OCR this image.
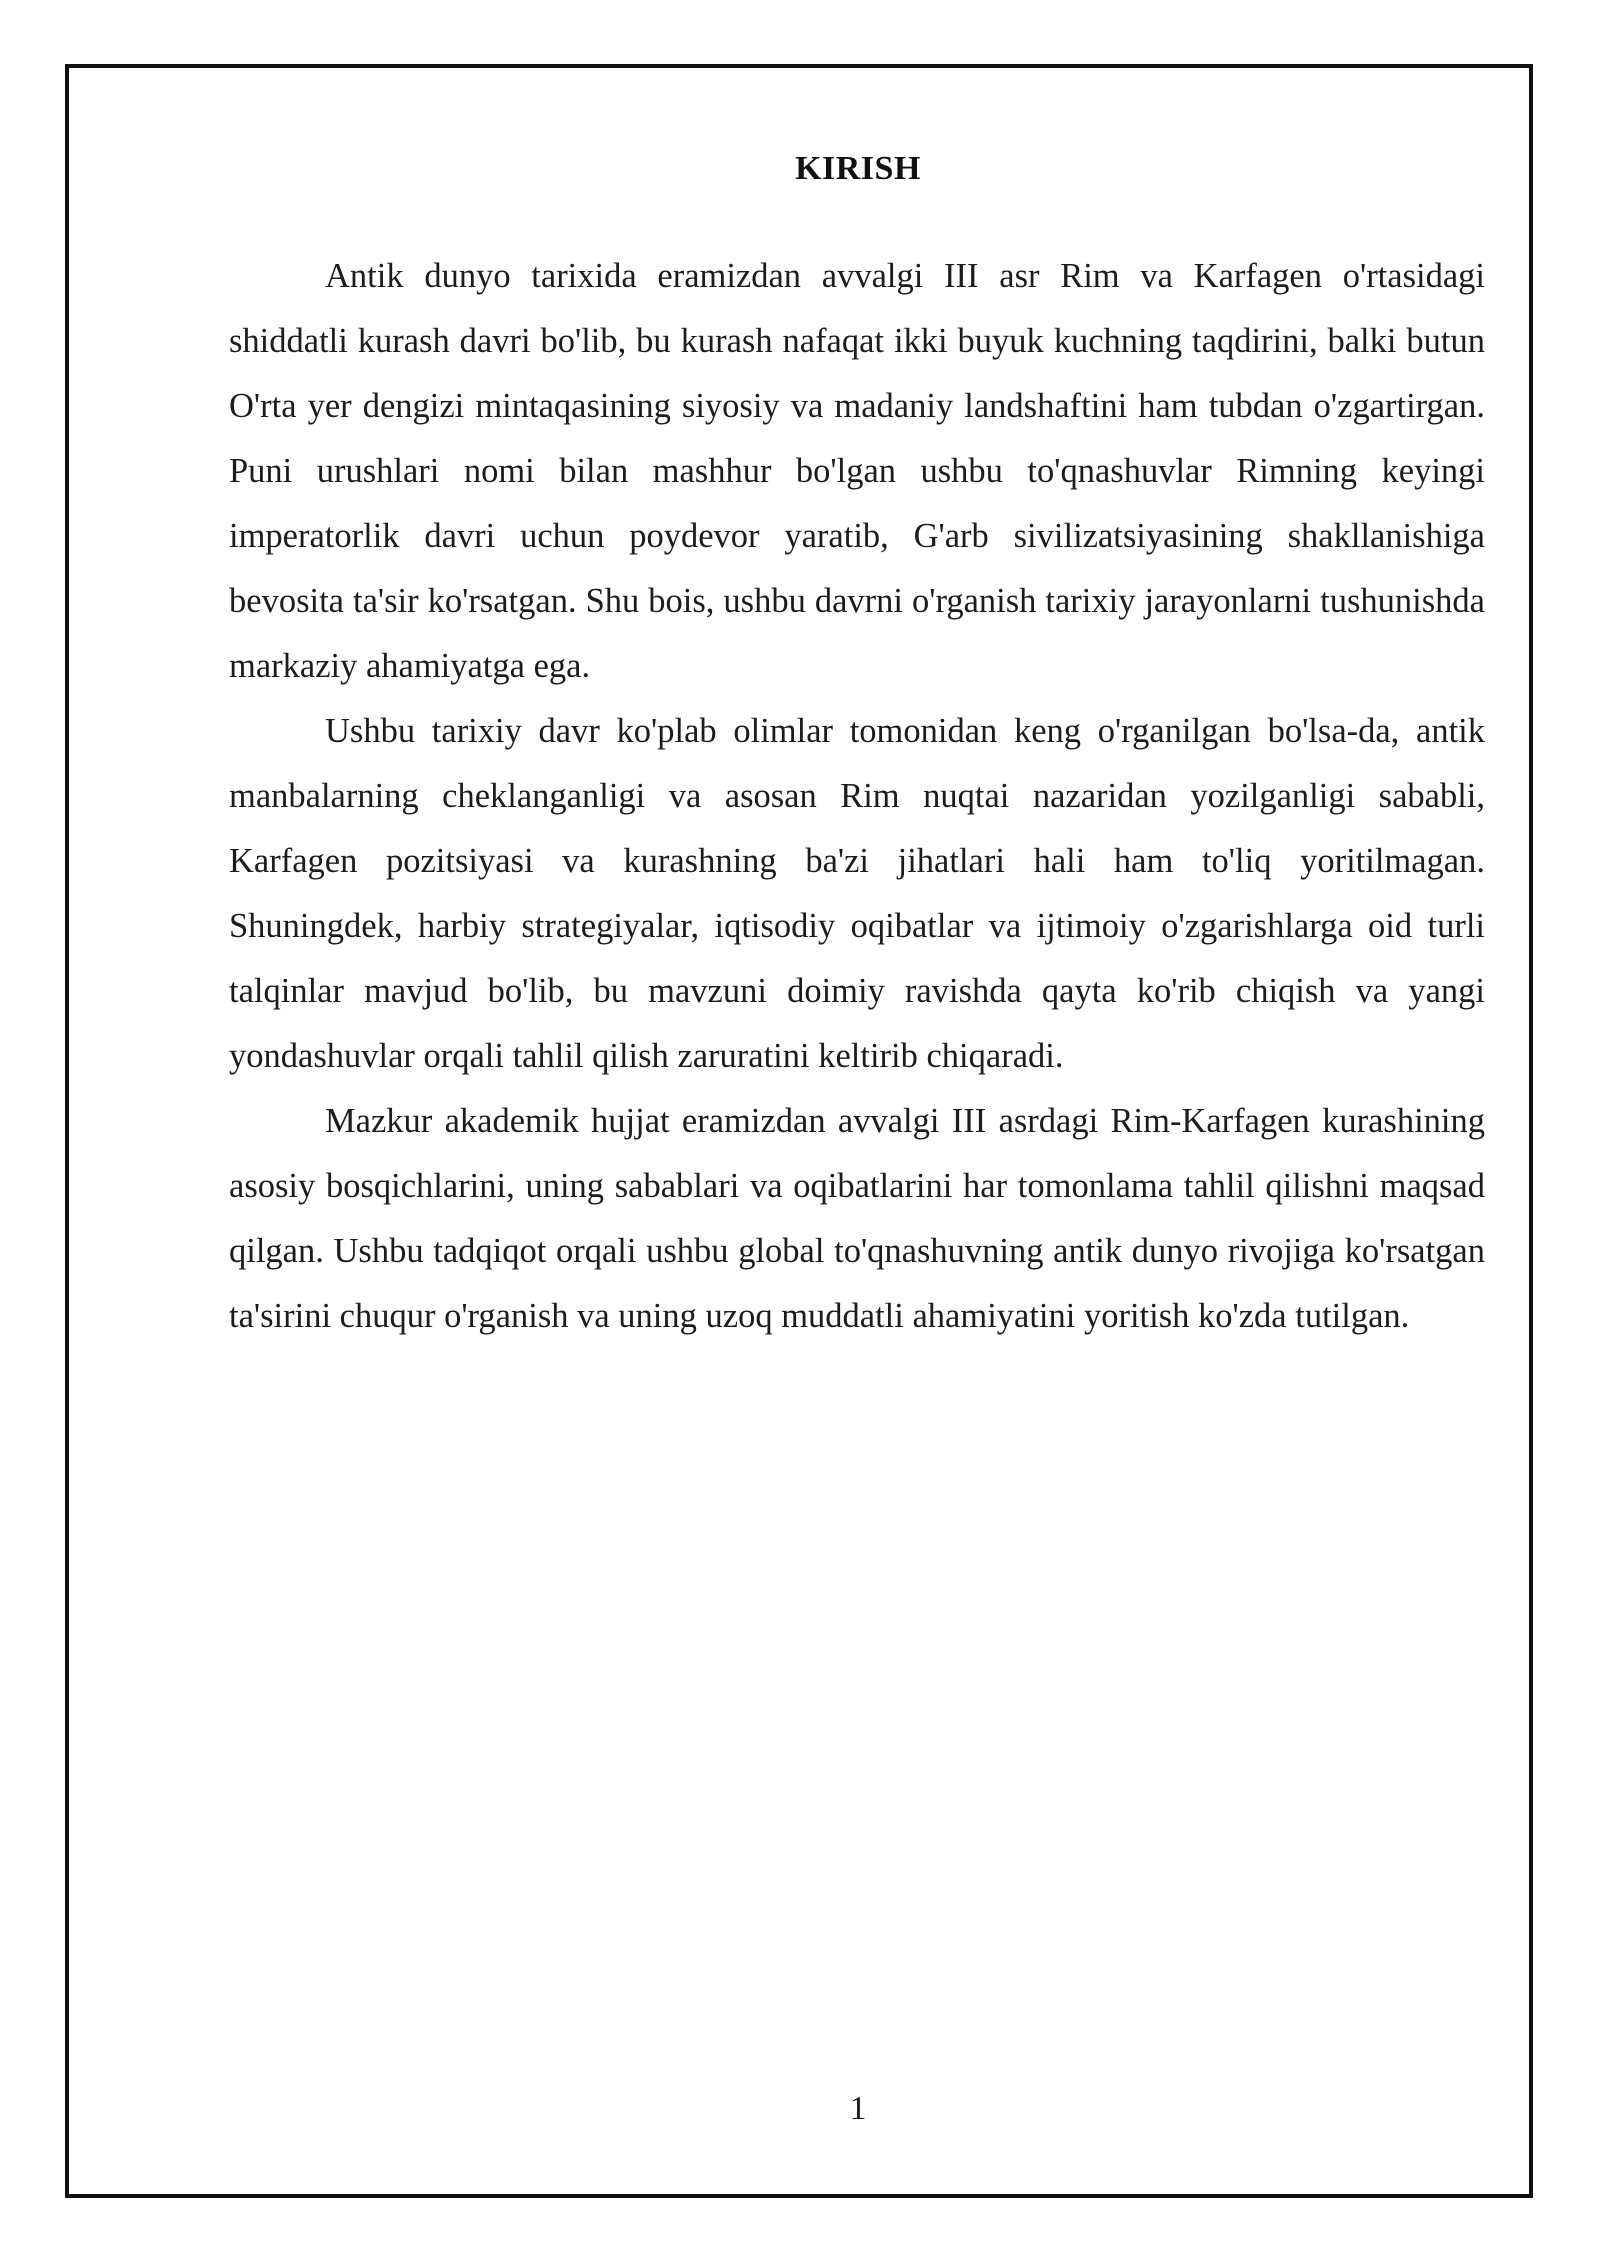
KIRISH

Antik dunyo tarixida eramizdan avvalgi III asr Rim va Karfagen o'rtasidagi shiddatli kurash davri bo'lib, bu kurash nafaqat ikki buyuk kuchning taqdirini, balki butun O'rta yer dengizi mintaqasining siyosiy va madaniy landshaftini ham tubdan o'zgartirgan. Puni urushlari nomi bilan mashhur bo'lgan ushbu to'qnashuvlar Rimning keyingi imperatorlik davri uchun poydevor yaratib, G'arb sivilizatsiyasining shakllanishiga bevosita ta'sir ko'rsatgan. Shu bois, ushbu davrni o'rganish tarixiy jarayonlarni tushunishda markaziy ahamiyatga ega.

Ushbu tarixiy davr ko'plab olimlar tomonidan keng o'rganilgan bo'lsa-da, antik manbalarning cheklanganligi va asosan Rim nuqtai nazaridan yozilganligi sababli, Karfagen pozitsiyasi va kurashning ba'zi jihatlari hali ham to'liq yoritilmagan. Shuningdek, harbiy strategiyalar, iqtisodiy oqibatlar va ijtimoiy o'zgarishlarga oid turli talqinlar mavjud bo'lib, bu mavzuni doimiy ravishda qayta ko'rib chiqish va yangi yondashuvlar orqali tahlil qilish zaruratini keltirib chiqaradi.

Mazkur akademik hujjat eramizdan avvalgi III asrdagi Rim-Karfagen kurashining asosiy bosqichlarini, uning sabablari va oqibatlarini har tomonlama tahlil qilishni maqsad qilgan. Ushbu tadqiqot orqali ushbu global to'qnashuvning antik dunyo rivojiga ko'rsatgan ta'sirini chuqur o'rganish va uning uzoq muddatli ahamiyatini yoritish ko'zda tutilgan.

1
